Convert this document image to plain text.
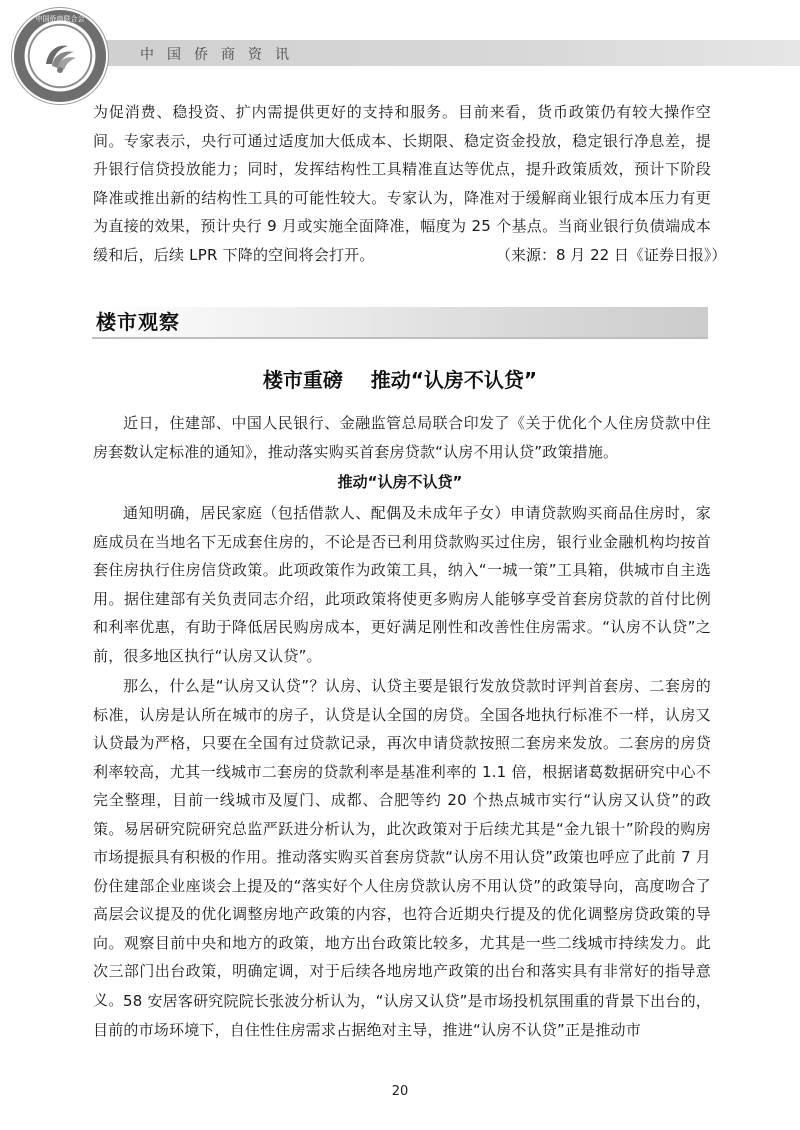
中国侨商资讯
中国侨商联合会

为促消费、稳投资、扩内需提供更好的支持和服务。目前来看，货币政策仍有较大操作空间。专家表示，央行可通过适度加大低成本、长期限、稳定资金投放，稳定银行净息差，提升银行信贷投放能力；同时，发挥结构性工具精准直达等优点，提升政策质效，预计下阶段降准或推出新的结构性工具的可能性较大。专家认为，降准对于缓解商业银行成本压力有更为直接的效果，预计央行 9 月或实施全面降准，幅度为 25 个基点。当商业银行负债端成本缓和后，后续 LPR 下降的空间将会打开。	（来源：8 月 22 日《证券日报》）
楼市观察
楼市重磅    推动“认房不认贷”

近日，住建部、中国人民银行、金融监管总局联合印发了《关于优化个人住房贷款中住房套数认定标准的通知》，推动落实购买首套房贷款“认房不用认贷”政策措施。

推动“认房不认贷”

通知明确，居民家庭（包括借款人、配偶及未成年子女）申请贷款购买商品住房时，家庭成员在当地名下无成套住房的，不论是否已利用贷款购买过住房，银行业金融机构均按首套住房执行住房信贷政策。此项政策作为政策工具，纳入“一城一策”工具箱，供城市自主选用。据住建部有关负责同志介绍，此项政策将使更多购房人能够享受首套房贷款的首付比例和利率优惠，有助于降低居民购房成本，更好满足刚性和改善性住房需求。“认房不认贷”之前，很多地区执行“认房又认贷”。

那么，什么是“认房又认贷”？认房、认贷主要是银行发放贷款时评判首套房、二套房的标准，认房是认所在城市的房子，认贷是认全国的房贷。全国各地执行标准不一样，认房又认贷最为严格，只要在全国有过贷款记录，再次申请贷款按照二套房来发放。二套房的房贷利率较高，尤其一线城市二套房的贷款利率是基准利率的 1.1 倍，根据诸葛数据研究中心不完全整理，目前一线城市及厦门、成都、合肥等约 20 个热点城市实行“认房又认贷”的政策。易居研究院研究总监严跃进分析认为，此次政策对于后续尤其是“金九银十”阶段的购房市场提振具有积极的作用。推动落实购买首套房贷款“认房不用认贷”政策也呼应了此前 7 月份住建部企业座谈会上提及的“落实好个人住房贷款认房不用认贷”的政策导向，高度吻合了高层会议提及的优化调整房地产政策的内容，也符合近期央行提及的优化调整房贷政策的导向。观察目前中央和地方的政策，地方出台政策比较多，尤其是一些二线城市持续发力。此次三部门出台政策，明确定调，对于后续各地房地产政策的出台和落实具有非常好的指导意义。 58 安居客研究院院长张波分析认为，“认房又认贷”是市场投机氛围重的背景下出台的，目前的市场环境下，自住性住房需求占据绝对主导，推进“认房不认贷”正是推动市

20
